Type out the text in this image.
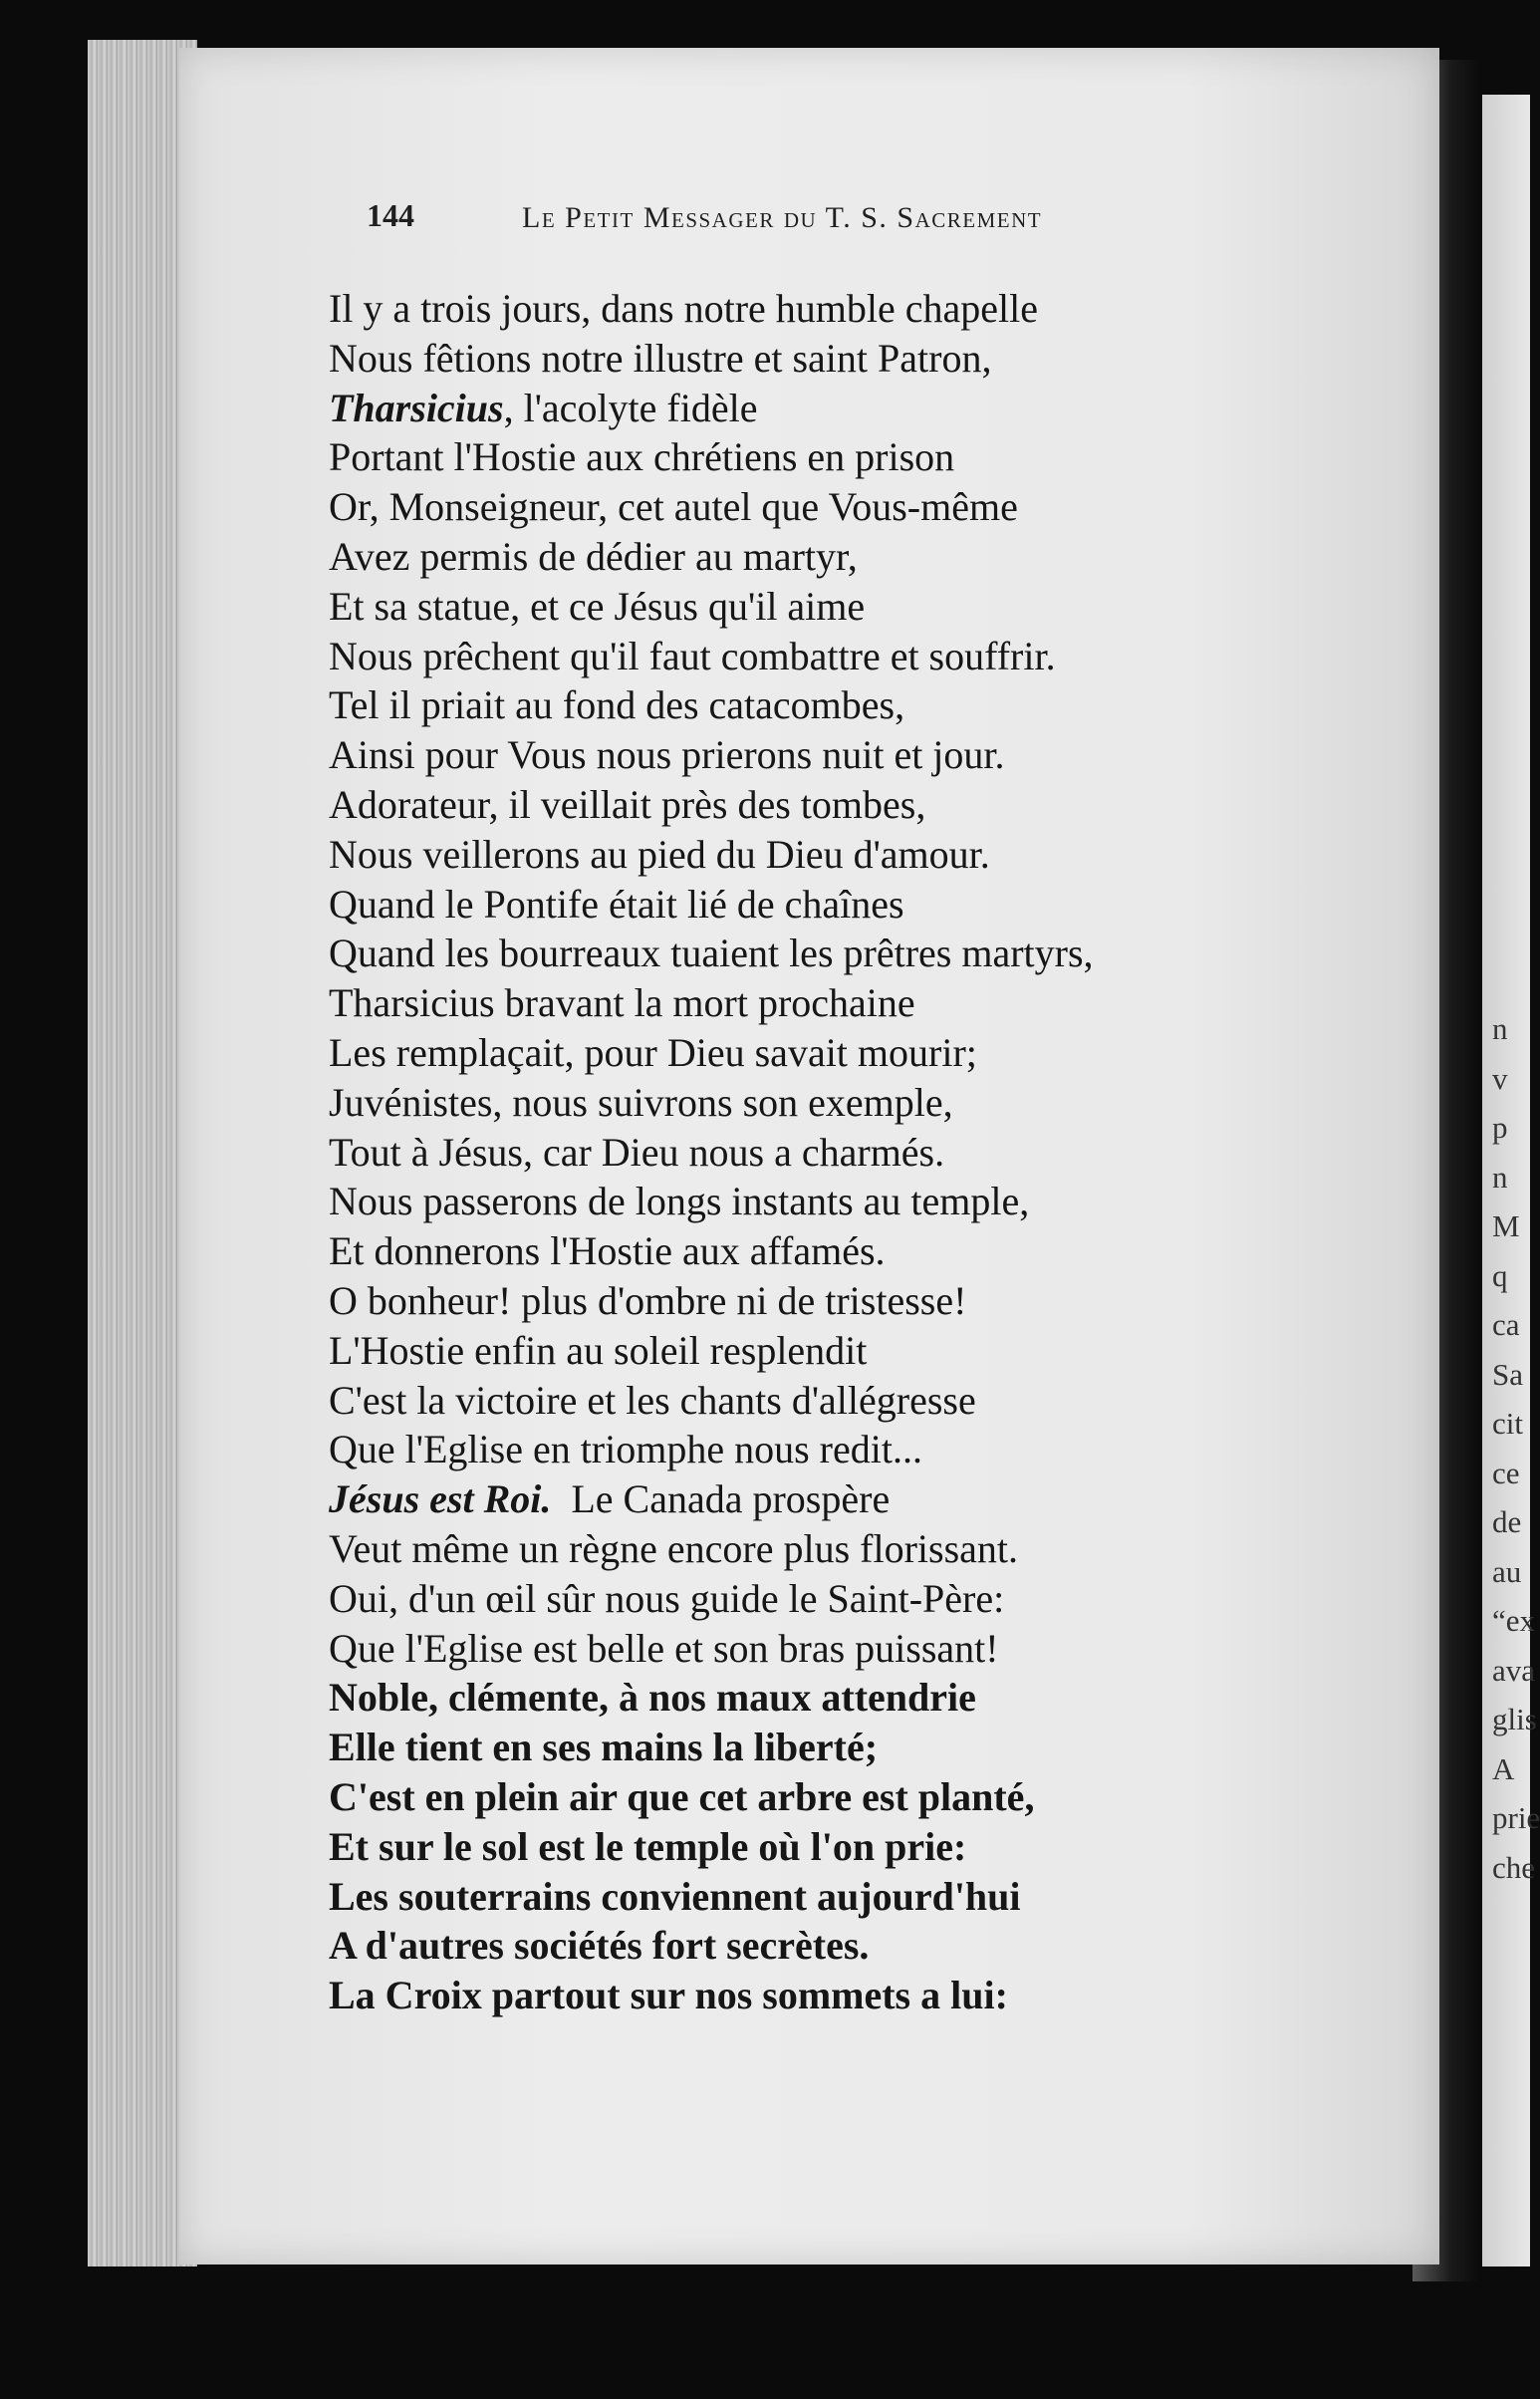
n
v
p
n
M
q
ca
Sa
cit
ce
de
au
“ex
ava
glis
A
prie
che
144	Le Petit Messager du T. S. Sacrement
Il y a trois jours, dans notre humble chapelle
Nous fêtions notre illustre et saint Patron,
Tharsicius, l'acolyte fidèle
Portant l'Hostie aux chrétiens en prison
Or, Monseigneur, cet autel que Vous-même
Avez permis de dédier au martyr,
Et sa statue, et ce Jésus qu'il aime
Nous prêchent qu'il faut combattre et souffrir.
Tel il priait au fond des catacombes,
Ainsi pour Vous nous prierons nuit et jour.
Adorateur, il veillait près des tombes,
Nous veillerons au pied du Dieu d'amour.
Quand le Pontife était lié de chaînes
Quand les bourreaux tuaient les prêtres martyrs,
Tharsicius bravant la mort prochaine
Les remplaçait, pour Dieu savait mourir;
Juvénistes, nous suivrons son exemple,
Tout à Jésus, car Dieu nous a charmés.
Nous passerons de longs instants au temple,
Et donnerons l'Hostie aux affamés.
O bonheur! plus d'ombre ni de tristesse!
L'Hostie enfin au soleil resplendit
C'est la victoire et les chants d'allégresse
Que l'Eglise en triomphe nous redit...
Jésus est Roi.  Le Canada prospère
Veut même un règne encore plus florissant.
Oui, d'un œil sûr nous guide le Saint-Père:
Que l'Eglise est belle et son bras puissant!
Noble, clémente, à nos maux attendrie
Elle tient en ses mains la liberté;
C'est en plein air que cet arbre est planté,
Et sur le sol est le temple où l'on prie:
Les souterrains conviennent aujourd'hui
A d'autres sociétés fort secrètes.
La Croix partout sur nos sommets a lui:
